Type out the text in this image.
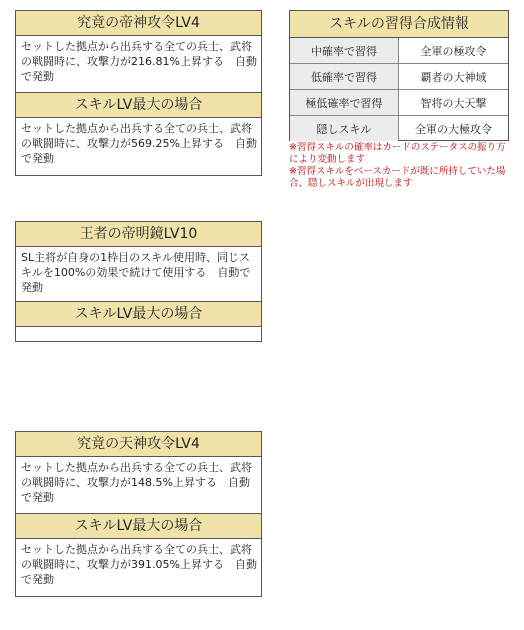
究竟の帝神攻令LV4
セットした拠点から出兵する全ての兵士、武将の戦闘時に、攻撃力が216.81%上昇する　自動で発動
スキルLV最大の場合
セットした拠点から出兵する全ての兵士、武将の戦闘時に、攻撃力が569.25%上昇する　自動で発動
スキルの習得合成情報
中確率で習得	全軍の極攻令
低確率で習得	覇者の大神域
極低確率で習得	智将の大天撃
隠しスキル	全軍の大極攻令
※習得スキルの確率はカードのステータスの振り方により変動します
※習得スキルをベースカードが既に所持していた場合、隠しスキルが出現します
王者の帝明鏡LV10
SL主将が自身の1枠目のスキル使用時、同じスキルを100%の効果で続けて使用する　自動で発動
スキルLV最大の場合
究竟の天神攻令LV4
セットした拠点から出兵する全ての兵士、武将の戦闘時に、攻撃力が148.5%上昇する　自動で発動
スキルLV最大の場合
セットした拠点から出兵する全ての兵士、武将の戦闘時に、攻撃力が391.05%上昇する　自動で発動
